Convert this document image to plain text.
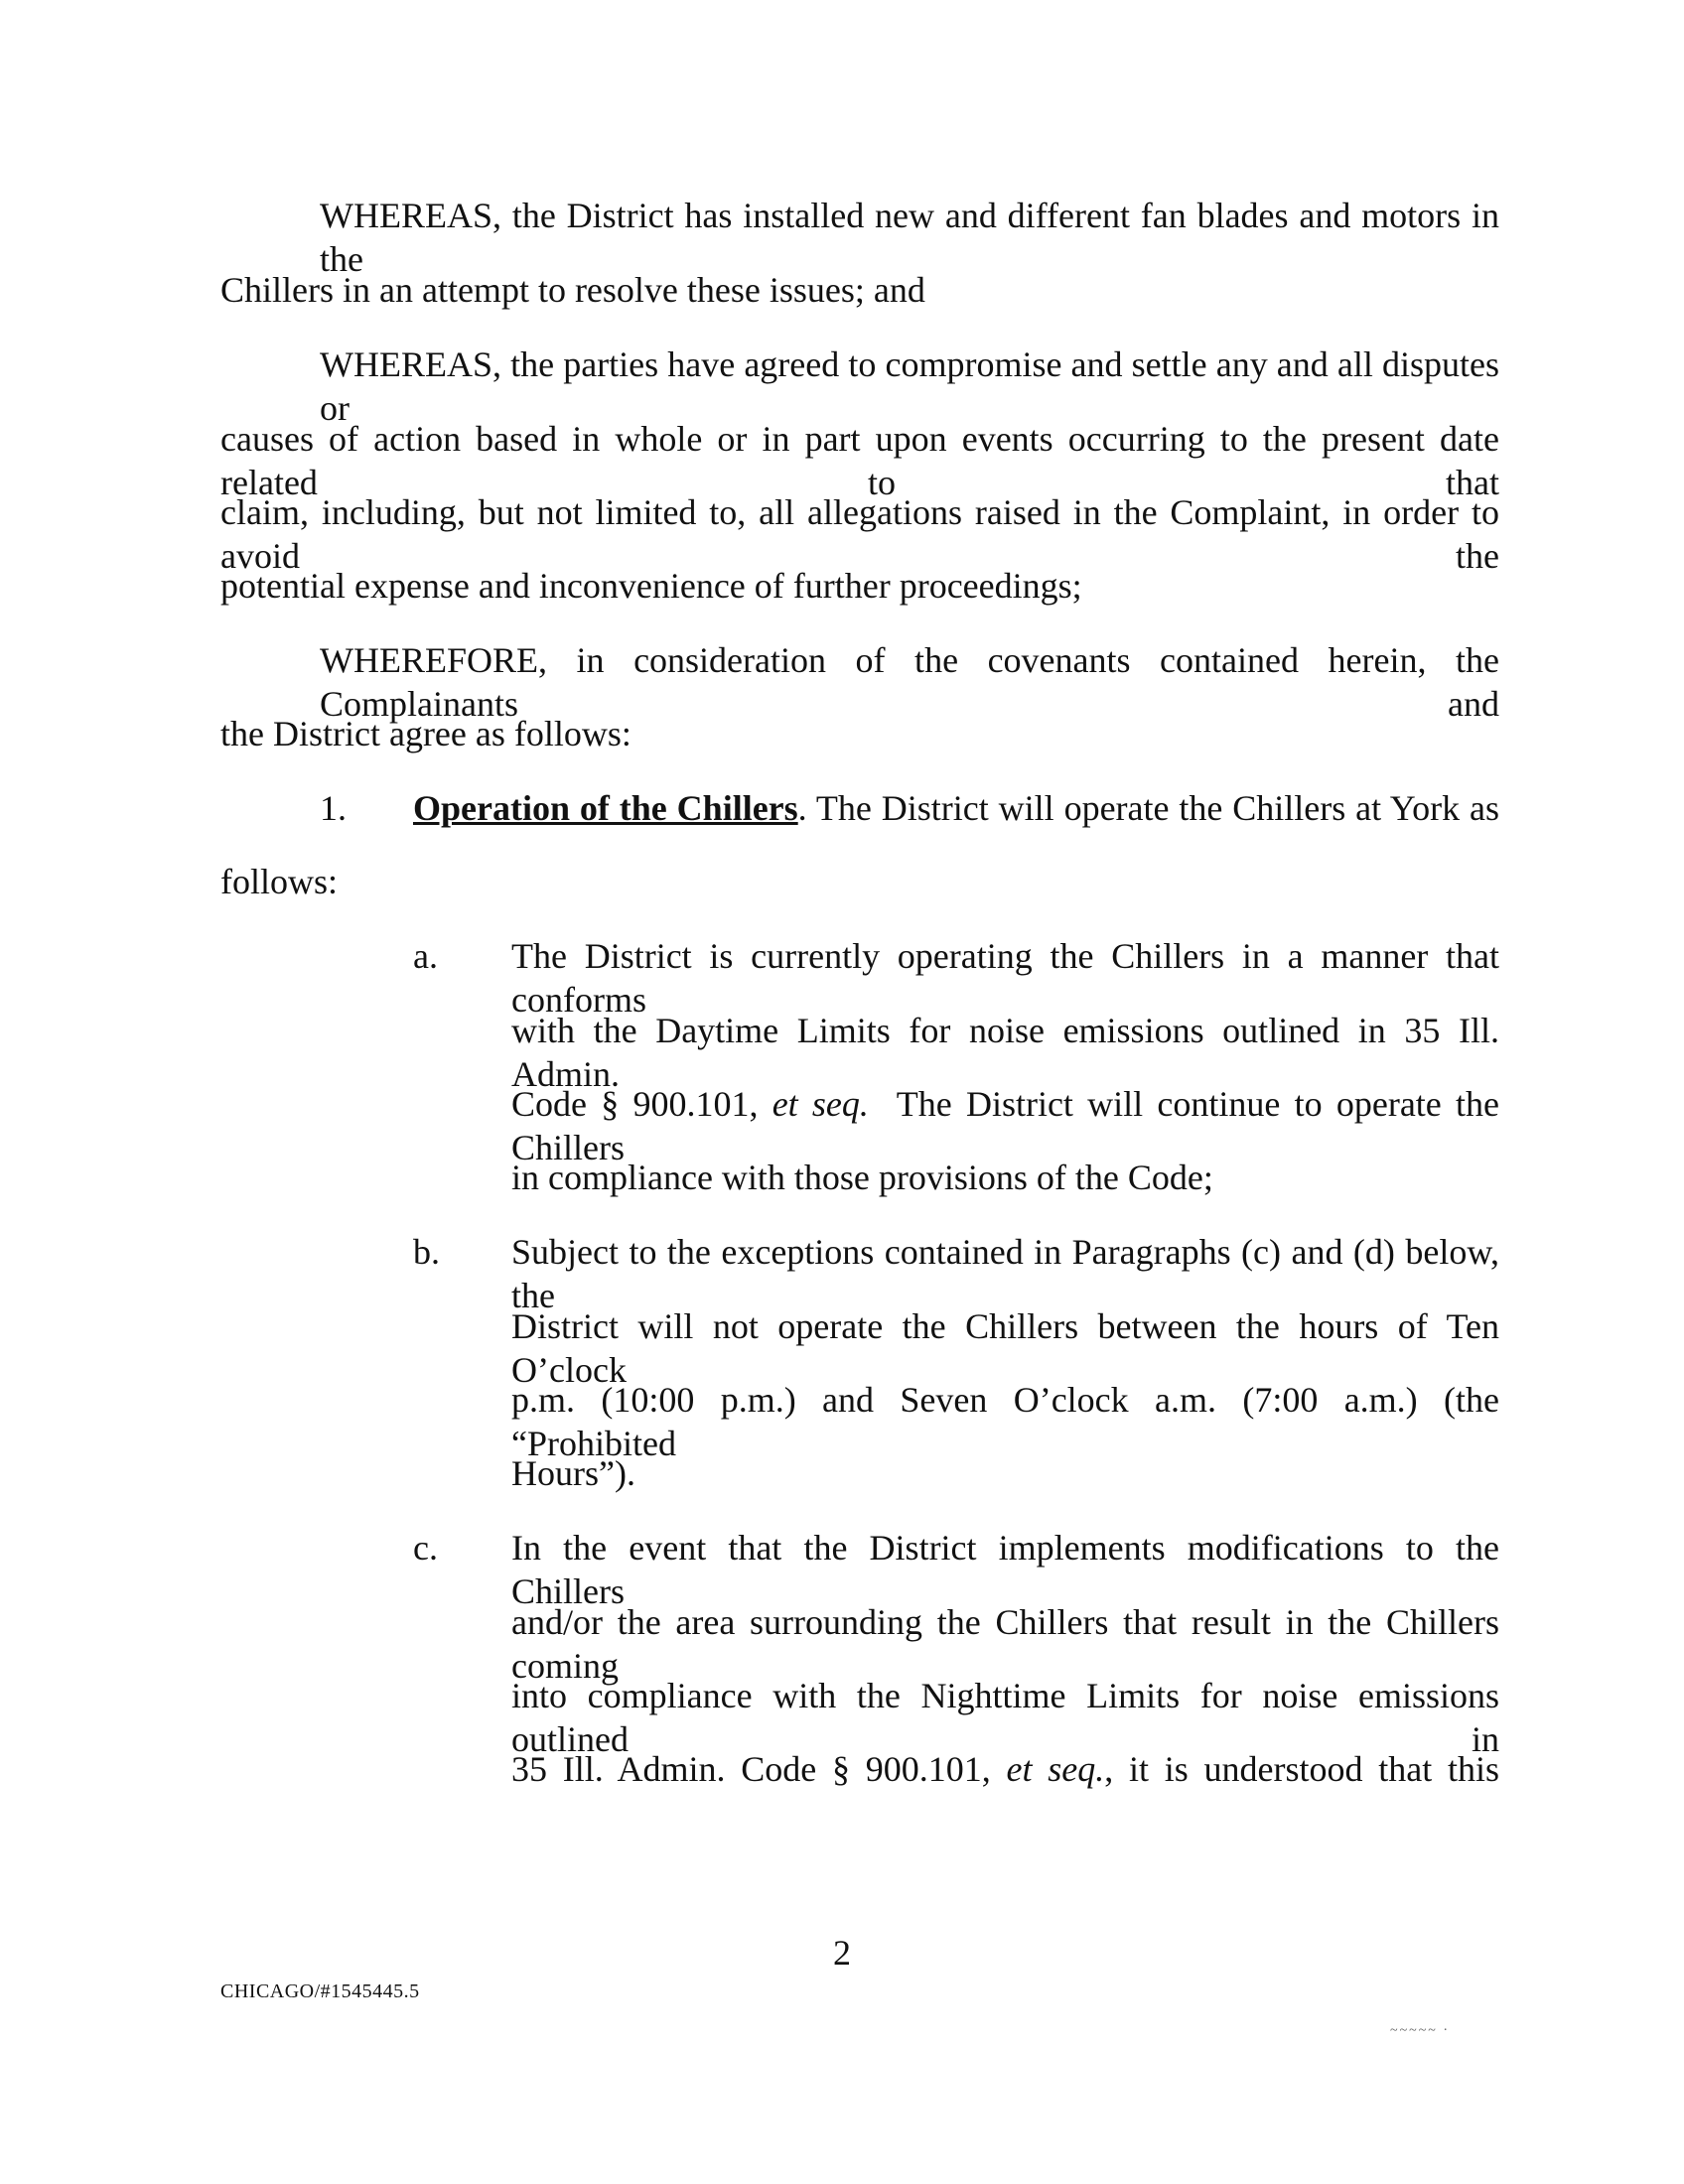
WHEREAS, the District has installed new and different fan blades and motors in the
Chillers in an attempt to resolve these issues; and
WHEREAS, the parties have agreed to compromise and settle any and all disputes or
causes of action based in whole or in part upon events occurring to the present date related to that
claim, including, but not limited to, all allegations raised in the Complaint, in order to avoid the
potential expense and inconvenience of further proceedings;
WHEREFORE, in consideration of the covenants contained herein, the Complainants and
the District agree as follows:
1. Operation of the Chillers. The District will operate the Chillers at York as
follows:
a. The District is currently operating the Chillers in a manner that conforms
with the Daytime Limits for noise emissions outlined in 35 Ill. Admin.
Code § 900.101, et seq. The District will continue to operate the Chillers
in compliance with those provisions of the Code;
b. Subject to the exceptions contained in Paragraphs (c) and (d) below, the
District will not operate the Chillers between the hours of Ten O’clock
p.m. (10:00 p.m.) and Seven O’clock a.m. (7:00 a.m.) (the “Prohibited
Hours”).
c. In the event that the District implements modifications to the Chillers
and/or the area surrounding the Chillers that result in the Chillers coming
into compliance with the Nighttime Limits for noise emissions outlined in
35 Ill. Admin. Code § 900.101, et seq., it is understood that this
2
CHICAGO/#1545445.5
~~~~~ ·
